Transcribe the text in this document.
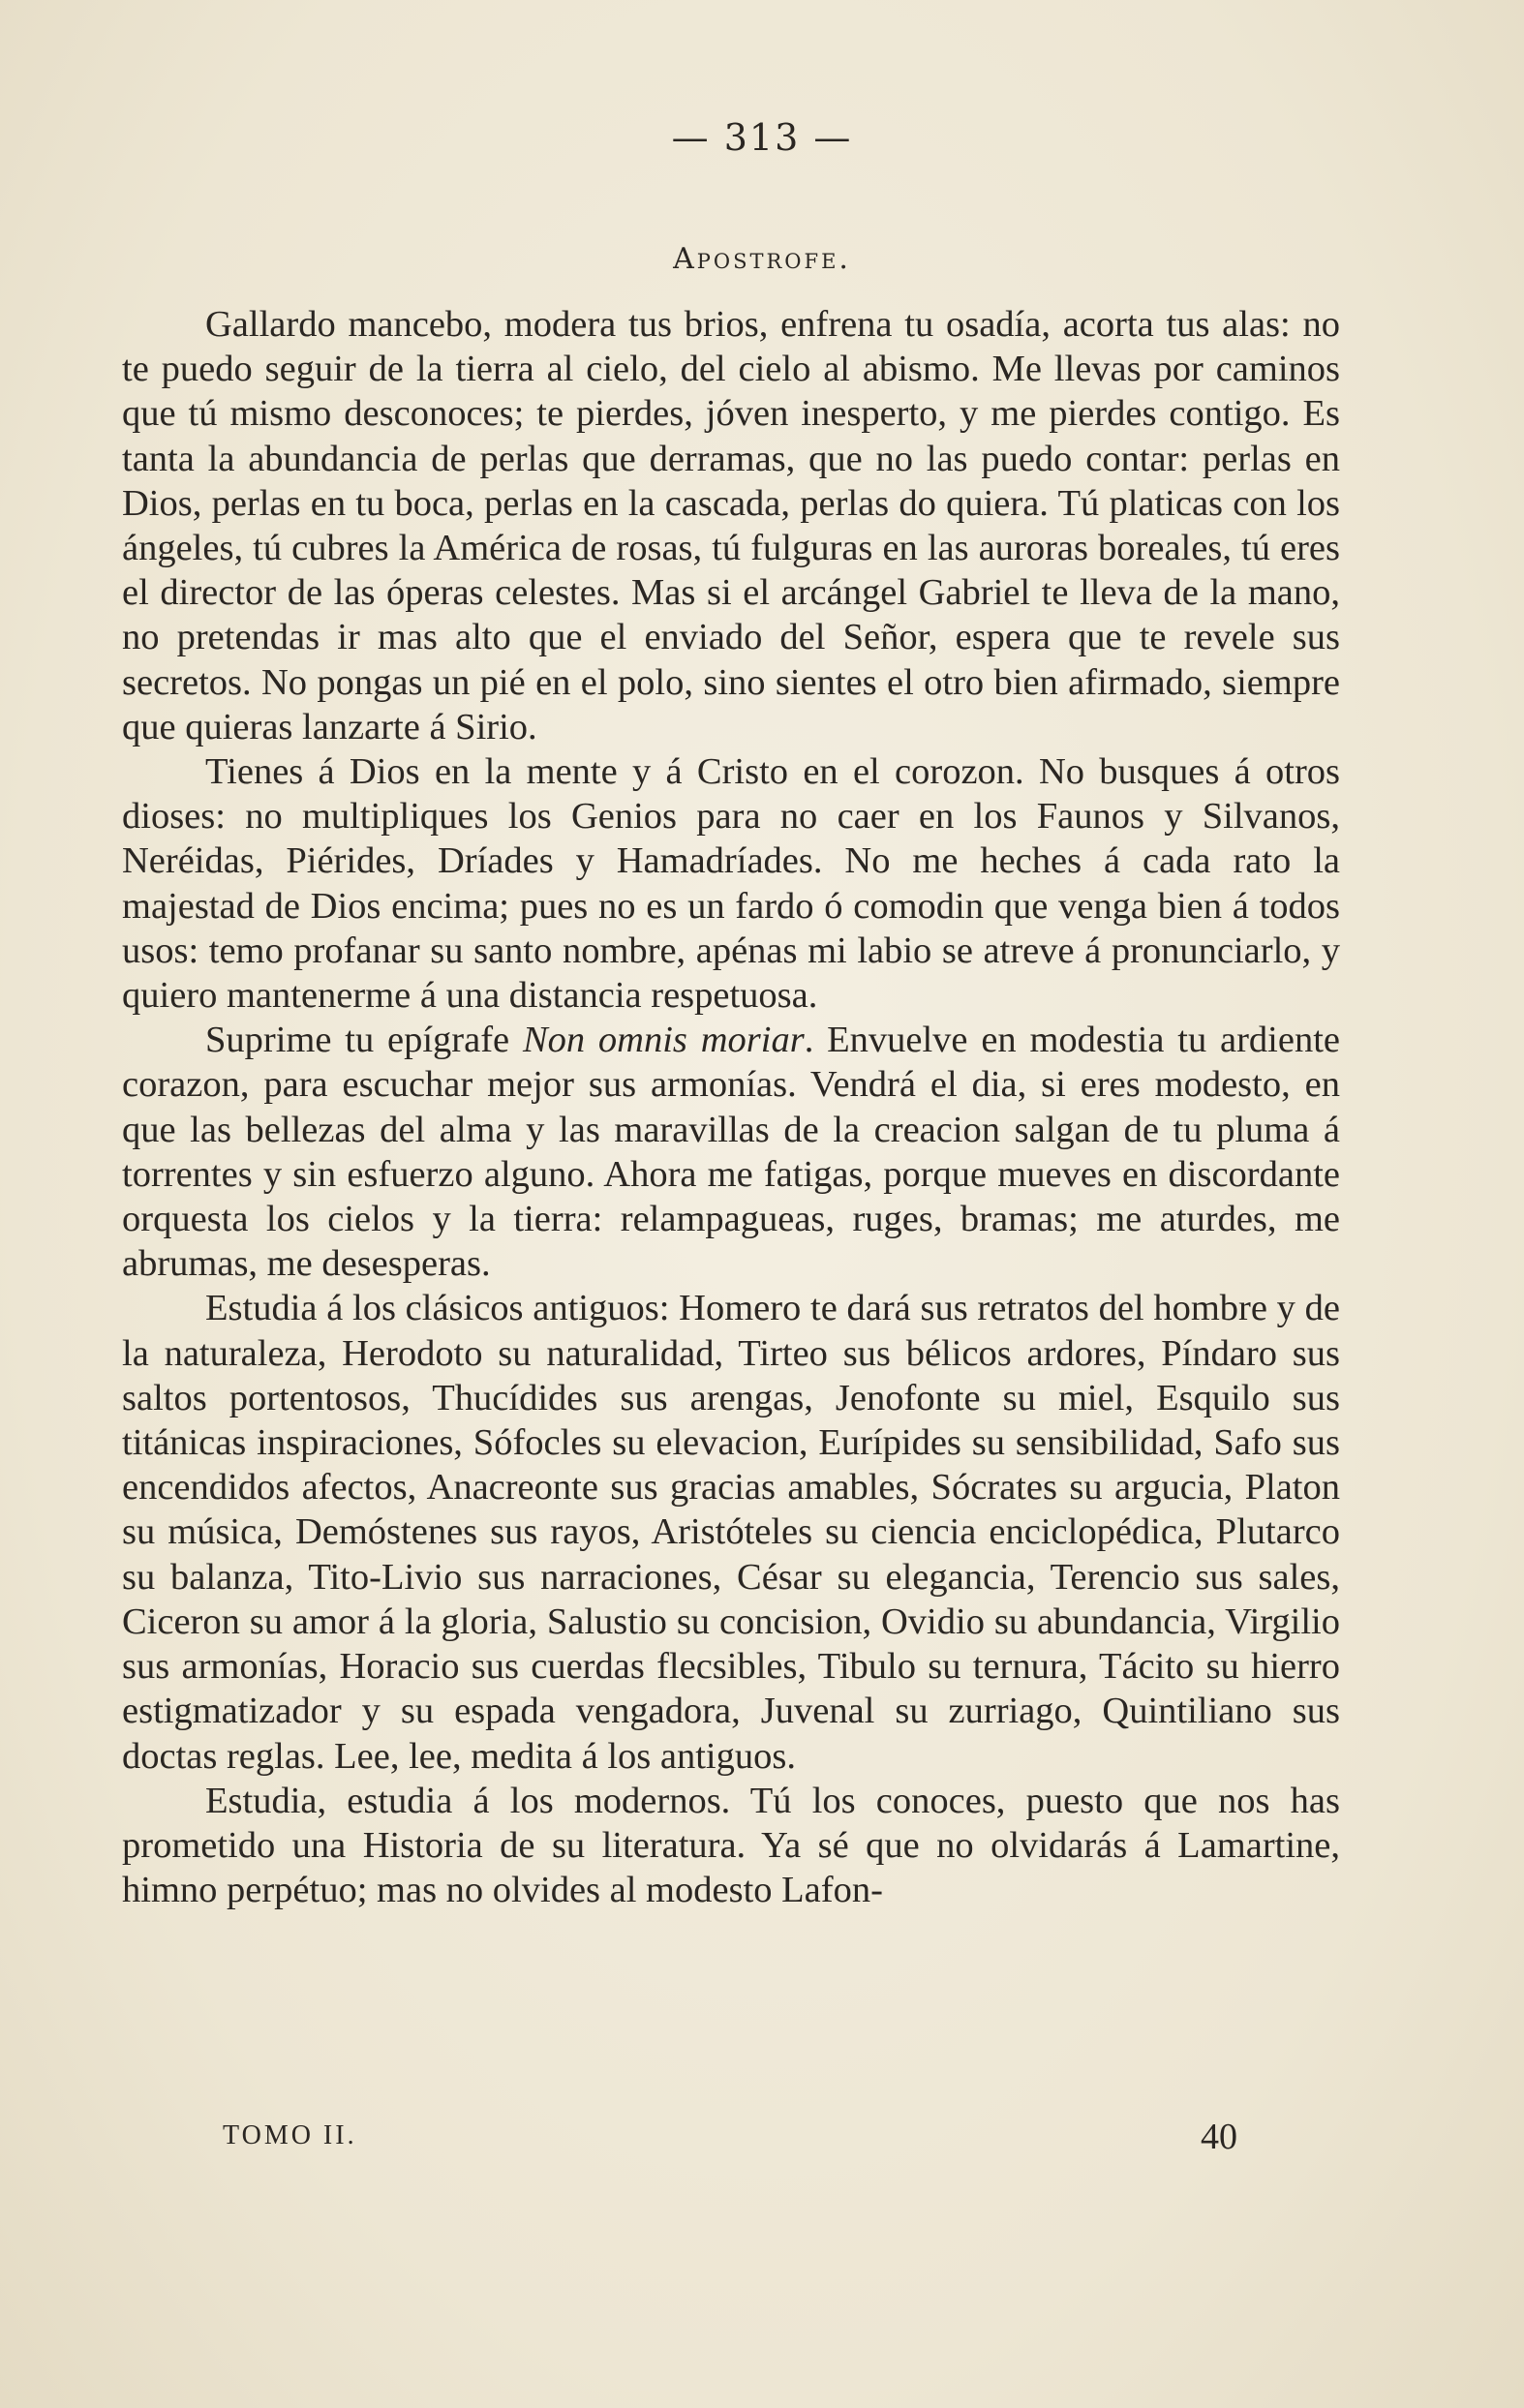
— 313 —
Apostrofe.

Gallardo mancebo, modera tus brios, enfrena tu osadía, acorta tus alas: no te puedo seguir de la tierra al cielo, del cielo al abismo. Me llevas por caminos que tú mismo desconoces; te pierdes, jóven inesperto, y me pierdes contigo. Es tanta la abundancia de perlas que derramas, que no las puedo contar: perlas en Dios, perlas en tu boca, perlas en la cascada, perlas do quiera. Tú platicas con los ángeles, tú cubres la América de rosas, tú fulguras en las auroras boreales, tú eres el director de las óperas celestes. Mas si el arcángel Gabriel te lleva de la mano, no pretendas ir mas alto que el enviado del Señor, espera que te revele sus secretos. No pongas un pié en el polo, sino sientes el otro bien afirmado, siempre que quieras lanzarte á Sirio.

Tienes á Dios en la mente y á Cristo en el corozon. No busques á otros dioses: no multipliques los Genios para no caer en los Faunos y Silvanos, Neréidas, Piérides, Dríades y Hamadríades. No me heches á cada rato la majestad de Dios encima; pues no es un fardo ó comodin que venga bien á todos usos: temo profanar su santo nombre, apénas mi labio se atreve á pronunciarlo, y quiero mantenerme á una distancia respetuosa.

Suprime tu epígrafe Non omnis moriar. Envuelve en modestia tu ardiente corazon, para escuchar mejor sus armonías. Vendrá el dia, si eres modesto, en que las bellezas del alma y las maravillas de la creacion salgan de tu pluma á torrentes y sin esfuerzo alguno. Ahora me fatigas, porque mueves en discordante orquesta los cielos y la tierra: relampagueas, ruges, bramas; me aturdes, me abrumas, me desesperas.

Estudia á los clásicos antiguos: Homero te dará sus retratos del hombre y de la naturaleza, Herodoto su naturalidad, Tirteo sus bélicos ardores, Píndaro sus saltos portentosos, Thucídides sus arengas, Jenofonte su miel, Esquilo sus titánicas inspiraciones, Sófocles su elevacion, Eurípides su sensibilidad, Safo sus encendidos afectos, Anacreonte sus gracias amables, Sócrates su argucia, Platon su música, Demóstenes sus rayos, Aristóteles su ciencia enciclopédica, Plutarco su balanza, Tito-Livio sus narraciones, César su elegancia, Terencio sus sales, Ciceron su amor á la gloria, Salustio su concision, Ovidio su abundancia, Virgilio sus armonías, Horacio sus cuerdas flecsibles, Tibulo su ternura, Tácito su hierro estigmatizador y su espada vengadora, Juvenal su zurriago, Quintiliano sus doctas reglas. Lee, lee, medita á los antiguos.

Estudia, estudia á los modernos. Tú los conoces, puesto que nos has prometido una Historia de su literatura. Ya sé que no olvidarás á Lamartine, himno perpétuo; mas no olvides al modesto Lafon-

TOMO II.	40
